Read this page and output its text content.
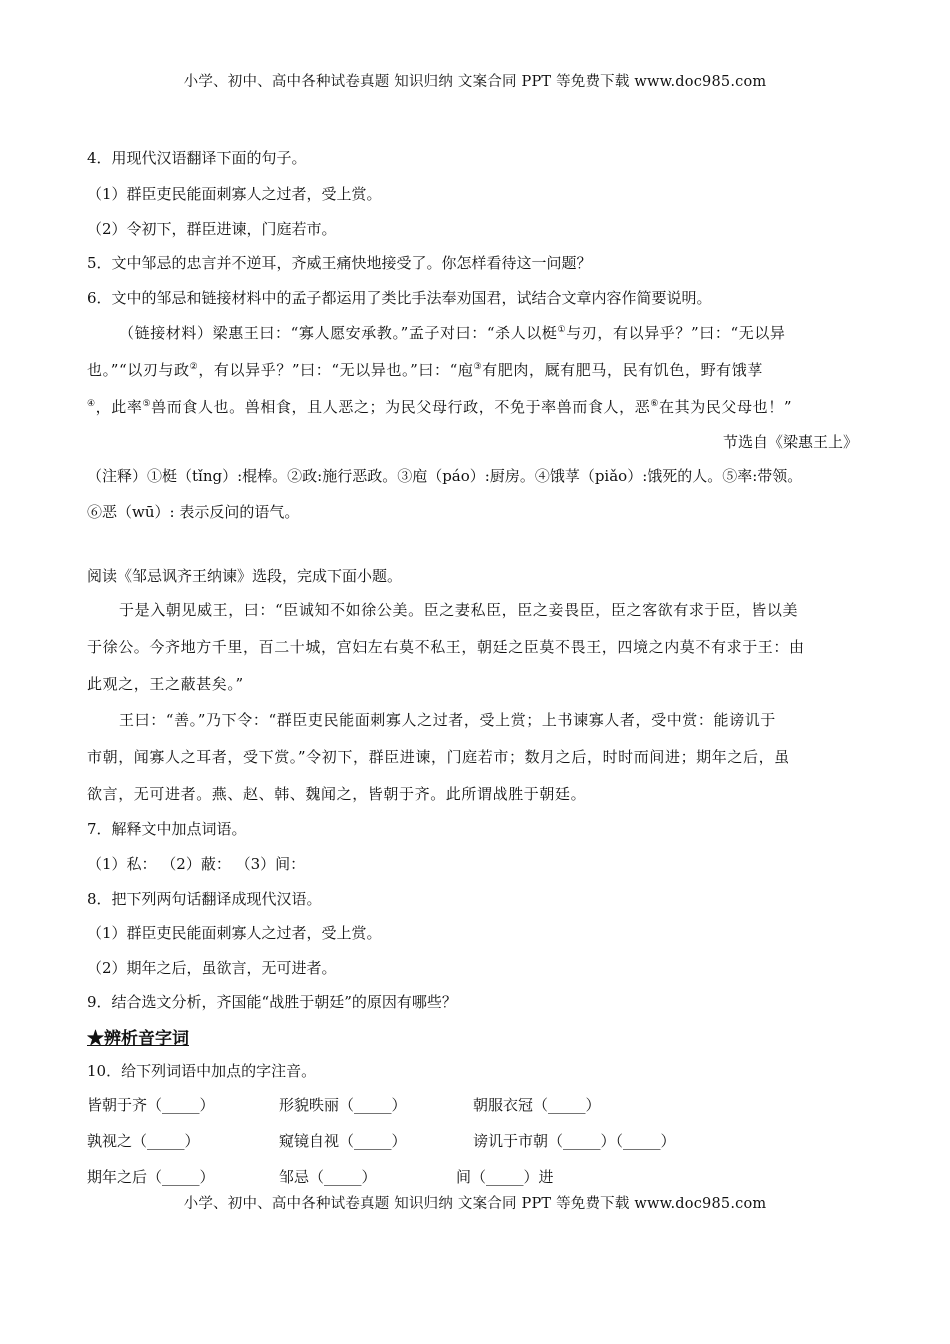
小学、初中、高中各种试卷真题 知识归纳 文案合同 PPT 等免费下载 www.doc985.com
4．用现代汉语翻译下面的句子。
（1）群臣吏民能面刺寡人之过者，受上赏。
（2）令初下，群臣进谏，门庭若市。
5．文中邹忌的忠言并不逆耳，齐威王痛快地接受了。你怎样看待这一问题？
6．文中的邹忌和链接材料中的孟子都运用了类比手法奉劝国君，试结合文章内容作简要说明。
（链接材料）梁惠王曰：“寡人愿安承教。”孟子对曰：“杀人以梃①与刃，有以异乎？”曰：“无以异
也。”“以刃与政②，有以异乎？”曰：“无以异也。”曰：“庖③有肥肉，厩有肥马，民有饥色，野有饿莩
④，此率⑤兽而食人也。兽相食，且人恶之；为民父母行政，不免于率兽而食人，恶⑥在其为民父母也！”
节选自《梁惠王上》
（注释）①梃（tǐng）:棍棒。②政:施行恶政。③庖（páo）:厨房。④饿莩（piǎo）:饿死的人。⑤率:带领。
⑥恶（wū）: 表示反问的语气。
阅读《邹忌讽齐王纳谏》选段，完成下面小题。
于是入朝见威王，曰：“臣诚知不如徐公美。臣之妻私臣，臣之妾畏臣，臣之客欲有求于臣，皆以美
于徐公。今齐地方千里，百二十城，宫妇左右莫不私王，朝廷之臣莫不畏王，四境之内莫不有求于王：由
此观之，王之蔽甚矣。”
王曰：“善。”乃下令：“群臣吏民能面刺寡人之过者，受上赏；上书谏寡人者，受中赏：能谤讥于
市朝，闻寡人之耳者，受下赏。”令初下，群臣进谏，门庭若市；数月之后，时时而间进；期年之后，虽
欲言，无可进者。燕、赵、韩、魏闻之，皆朝于齐。此所谓战胜于朝廷。
7．解释文中加点词语。
（1）私： （2）蔽： （3）间：
8．把下列两句话翻译成现代汉语。
（1）群臣吏民能面刺寡人之过者，受上赏。
（2）期年之后，虽欲言，无可进者。
9．结合选文分析，齐国能“战胜于朝廷”的原因有哪些？
★辨析音字词
10．给下列词语中加点的字注音。
皆朝于齐（_____）	形貌昳丽（_____）	朝服衣冠（_____）
孰视之（_____）	窥镜自视（_____）	谤讥于市朝（_____）（_____）
期年之后（_____）	邹忌（_____）	间（_____）进
小学、初中、高中各种试卷真题 知识归纳 文案合同 PPT 等免费下载 www.doc985.com
